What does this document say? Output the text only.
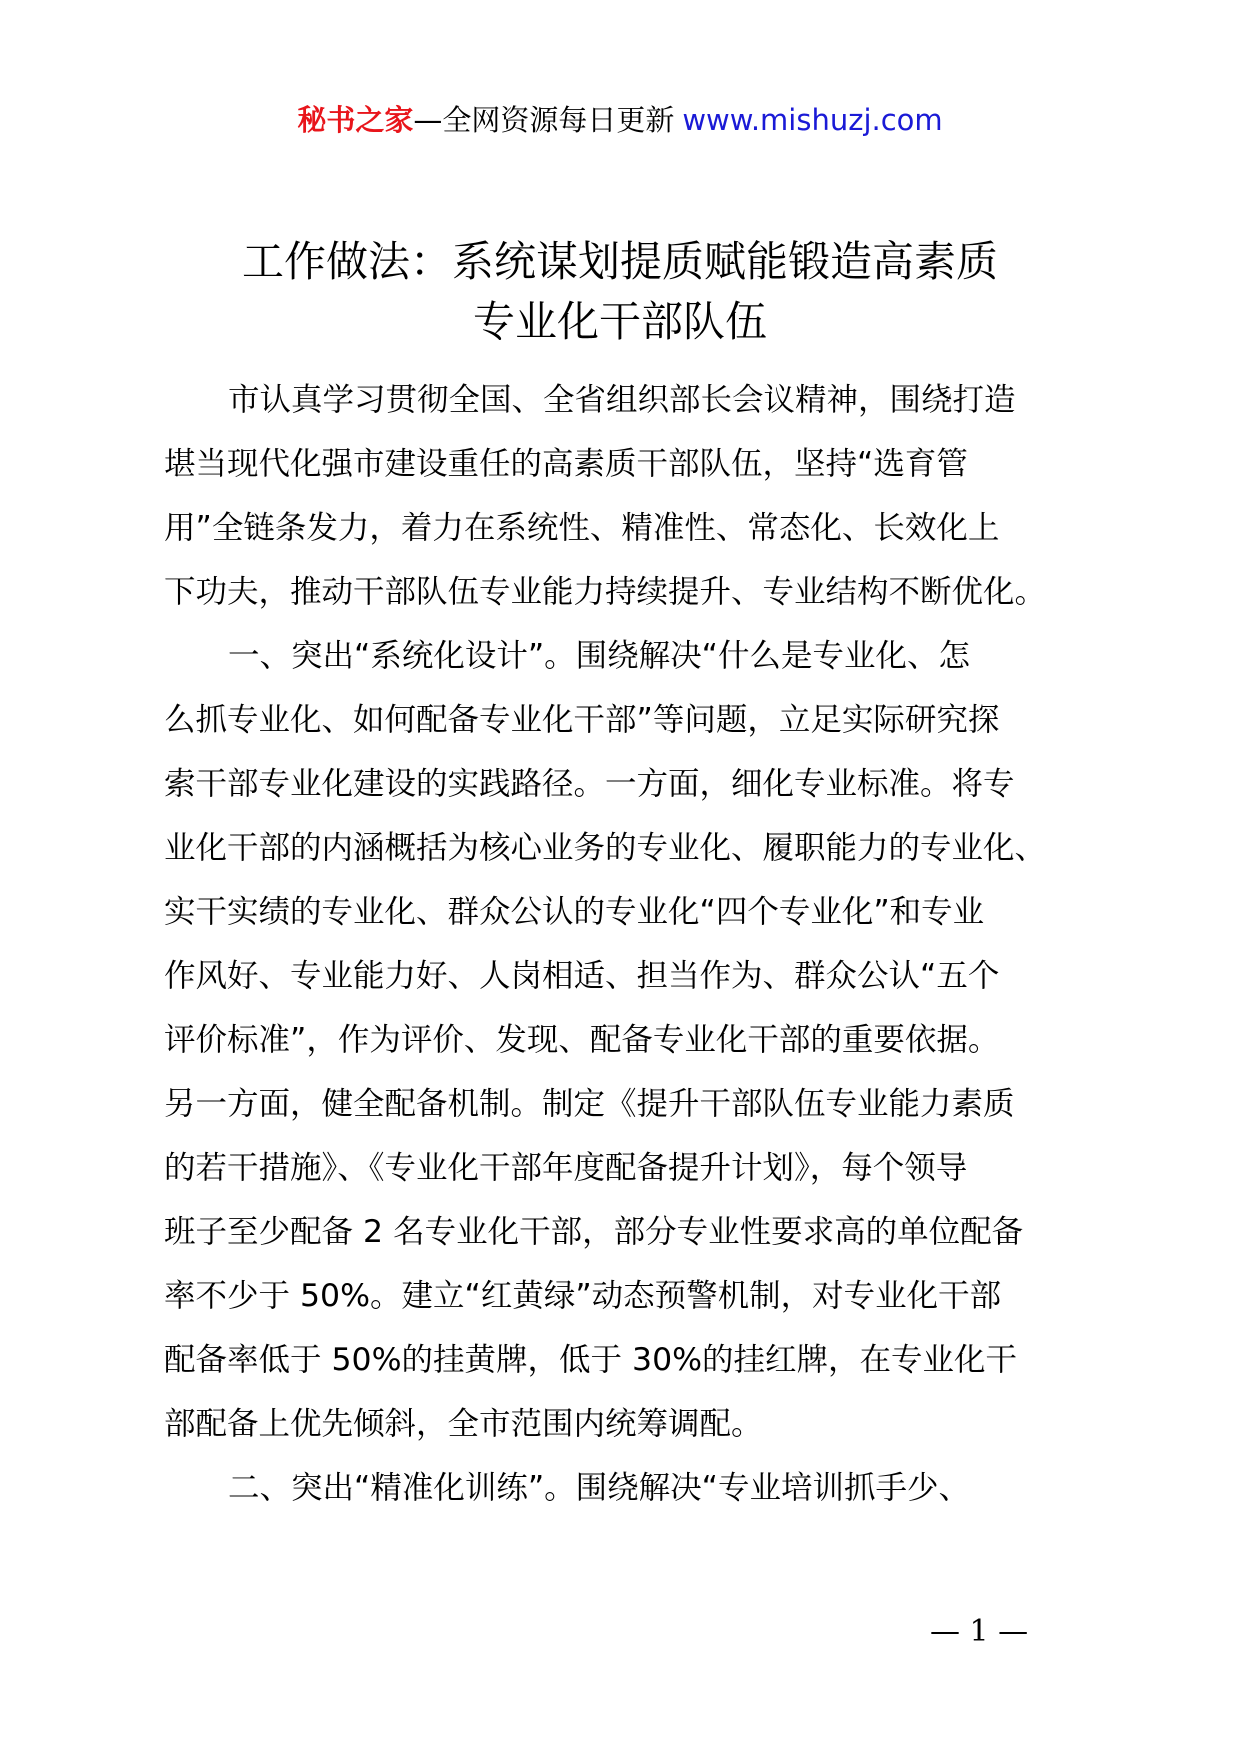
秘书之家—全网资源每日更新 www.mishuzj.com
工作做法：系统谋划提质赋能锻造高素质
专业化干部队伍
市认真学习贯彻全国、全省组织部长会议精神，围绕打造
堪当现代化强市建设重任的高素质干部队伍，坚持“选育管
用”全链条发力，着力在系统性、精准性、常态化、长效化上
下功夫，推动干部队伍专业能力持续提升、专业结构不断优化。
一、突出“系统化设计”。围绕解决“什么是专业化、怎
么抓专业化、如何配备专业化干部”等问题，立足实际研究探
索干部专业化建设的实践路径。一方面，细化专业标准。将专
业化干部的内涵概括为核心业务的专业化、履职能力的专业化、
实干实绩的专业化、群众公认的专业化“四个专业化”和专业
作风好、专业能力好、人岗相适、担当作为、群众公认“五个
评价标准”，作为评价、发现、配备专业化干部的重要依据。
另一方面，健全配备机制。制定《提升干部队伍专业能力素质
的若干措施》、《专业化干部年度配备提升计划》，每个领导
班子至少配备 2 名专业化干部，部分专业性要求高的单位配备
率不少于 50%。建立“红黄绿”动态预警机制，对专业化干部
配备率低于 50%的挂黄牌，低于 30%的挂红牌，在专业化干
部配备上优先倾斜，全市范围内统筹调配。
二、突出“精准化训练”。围绕解决“专业培训抓手少、
— 1 —
